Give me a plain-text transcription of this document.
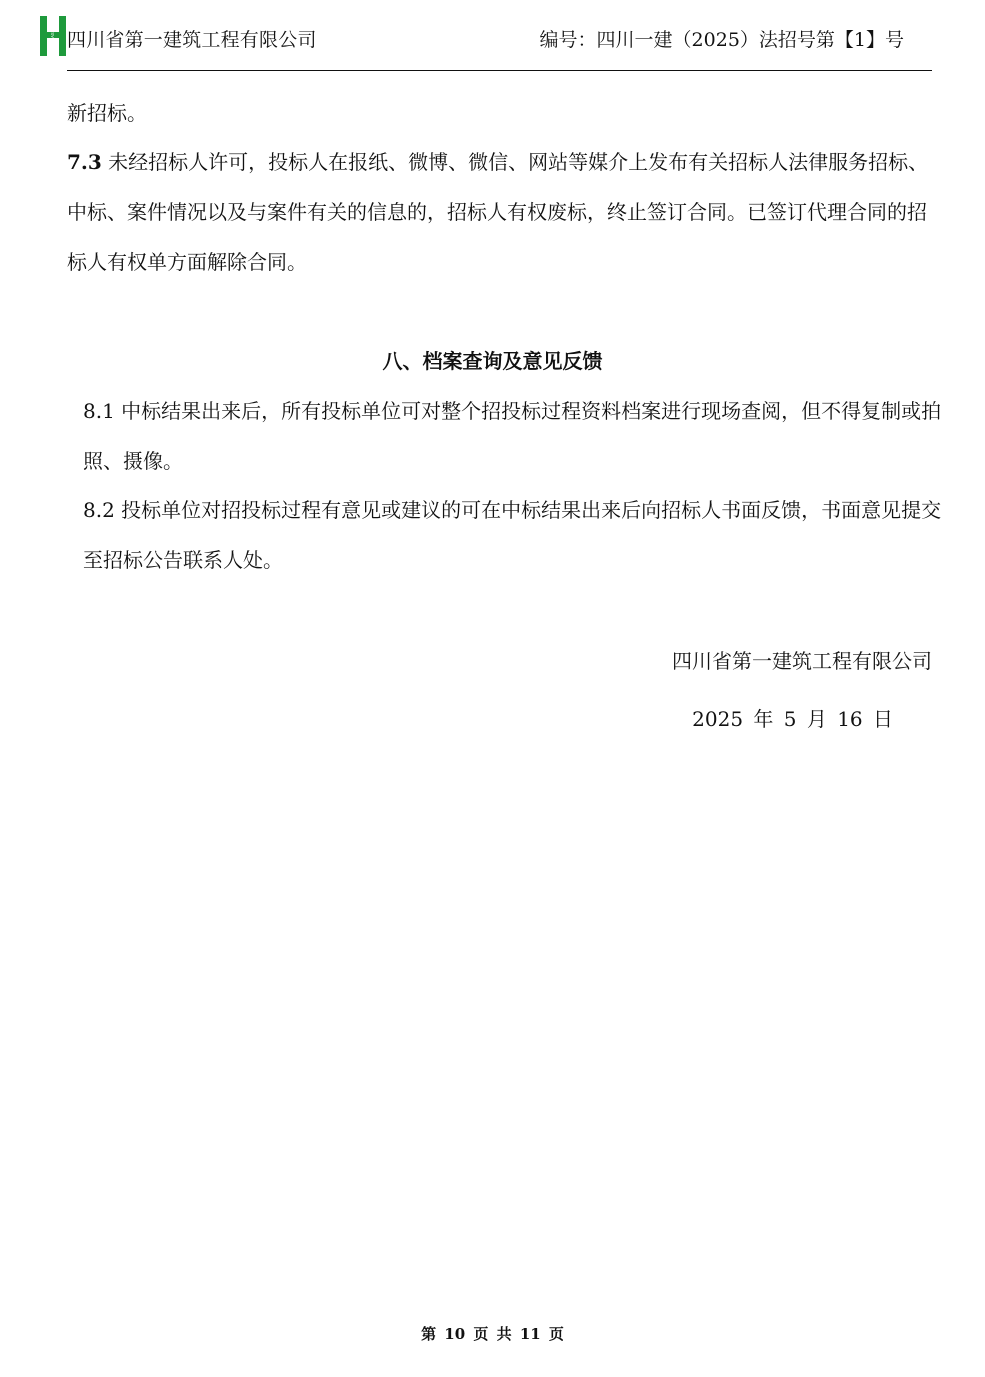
HUASHI 四川省第一建筑工程有限公司	编号：四川一建（2025）法招号第【1】号
新招标。
7.3 未经招标人许可，投标人在报纸、微博、微信、网站等媒介上发布有关招标人法律服务招标、中标、案件情况以及与案件有关的信息的，招标人有权废标，终止签订合同。已签订代理合同的招标人有权单方面解除合同。
八、档案查询及意见反馈
8.1 中标结果出来后，所有投标单位可对整个招投标过程资料档案进行现场查阅，但不得复制或拍照、摄像。
8.2 投标单位对招投标过程有意见或建议的可在中标结果出来后向招标人书面反馈，书面意见提交至招标公告联系人处。
四川省第一建筑工程有限公司
2025 年 5 月 16 日
第 10 页 共 11 页
